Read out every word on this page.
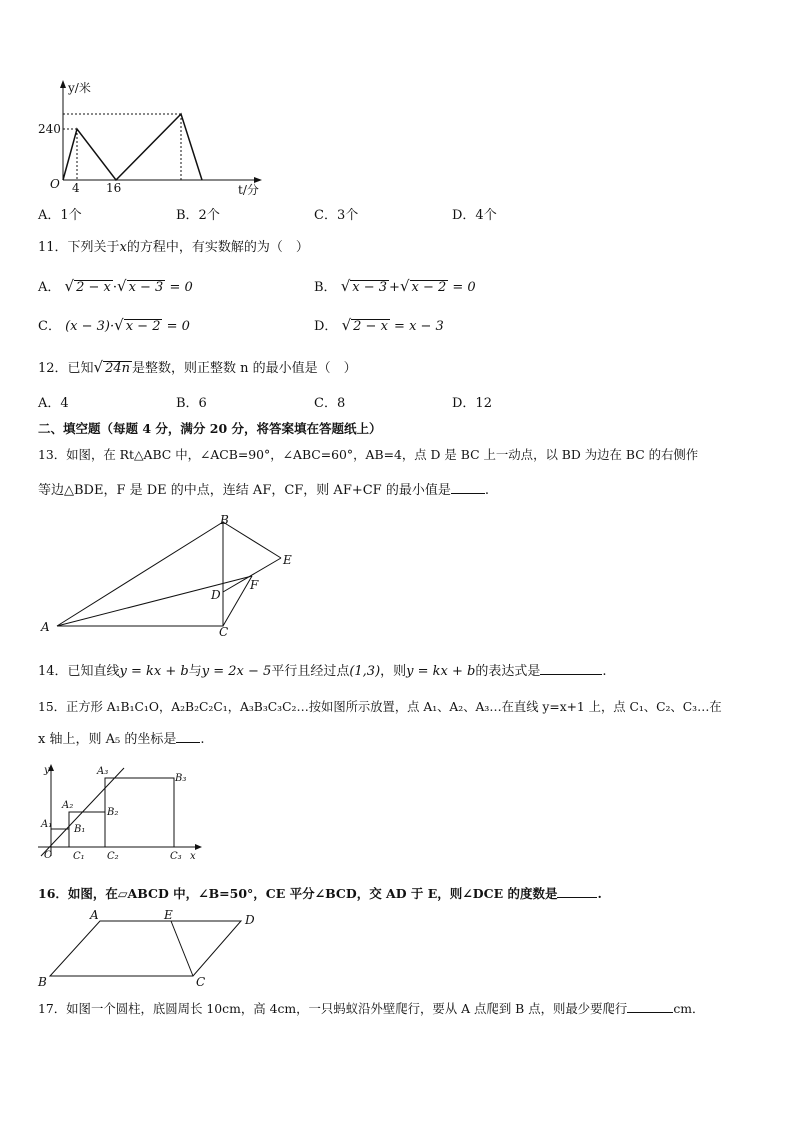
y/米
240
O 4 16	t/分
A．1个	B．2个	C．3个	D．4个
11．下列关于x的方程中，有实数解的为（　）
A． √ 2 − x ·√ x − 3 = 0	B． √ x − 3 +√ x − 2 = 0
C． (x − 3)·√ x − 2 = 0	D． √ 2 − x = x − 3
12．已知√ 24n 是整数，则正整数 n 的最小值是（　）
A．4	B．6	C．8	D．12
二、填空题（每题 4 分，满分 20 分，将答案填在答题纸上）
13．如图，在 Rt△ABC 中，∠ACB=90°，∠ABC=60°，AB=4，点 D 是 BC 上一动点，以 BD 为边在 BC 的右侧作
等边△BDE，F 是 DE 的中点，连结 AF，CF，则 AF+CF 的最小值是	.
A
B
C
D
E
F
14．已知直线y = kx + b与y = 2x − 5平行且经过点(1,3)，则y = kx + b的表达式是	.
15．正方形 A₁B₁C₁O，A₂B₂C₂C₁，A₃B₃C₃C₂…按如图所示放置，点 A₁、A₂、A₃…在直线 y=x+1 上，点 C₁、C₂、C₃…在
x 轴上，则 A₅ 的坐标是 .
y
x
O
A₁
A₂
A₃
B₁
B₂
B₃
C₁ C₂	C₃
16．如图，在▱ABCD 中，∠B=50°，CE 平分∠BCD，交 AD 于 E，则∠DCE 的度数是	.
A	E	D
B	C
17．如图一个圆柱，底圆周长 10cm，高 4cm，一只蚂蚁沿外壁爬行，要从 A 点爬到 B 点，则最少要爬行	cm．
